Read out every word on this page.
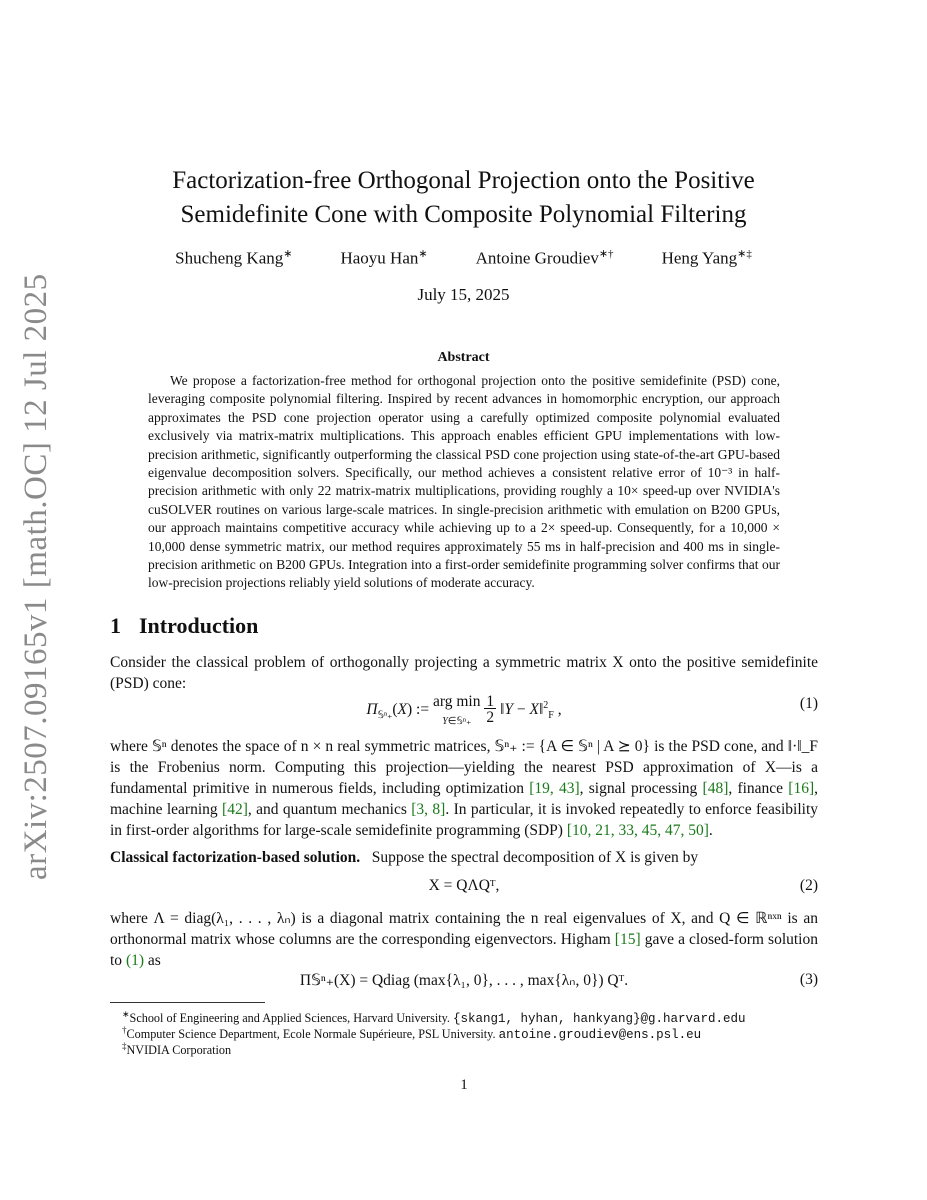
arXiv:2507.09165v1 [math.OC] 12 Jul 2025
Factorization-free Orthogonal Projection onto the Positive
Semidefinite Cone with Composite Polynomial Filtering
Shucheng Kang∗	Haoyu Han∗	Antoine Groudiev∗†	Heng Yang∗‡
July 15, 2025
Abstract
We propose a factorization-free method for orthogonal projection onto the positive semidefinite (PSD) cone, leveraging composite polynomial filtering. Inspired by recent advances in homomorphic encryption, our approach approximates the PSD cone projection operator using a carefully optimized composite polynomial evaluated exclusively via matrix-matrix multiplications. This approach enables efficient GPU implementations with low-precision arithmetic, significantly outperforming the classical PSD cone projection using state-of-the-art GPU-based eigenvalue decomposition solvers. Specifically, our method achieves a consistent relative error of 10⁻³ in half-precision arithmetic with only 22 matrix-matrix multiplications, providing roughly a 10× speed-up over NVIDIA's cuSOLVER routines on various large-scale matrices. In single-precision arithmetic with emulation on B200 GPUs, our approach maintains competitive accuracy while achieving up to a 2× speed-up. Consequently, for a 10,000 × 10,000 dense symmetric matrix, our method requires approximately 55 ms in half-precision and 400 ms in single-precision arithmetic on B200 GPUs. Integration into a first-order semidefinite programming solver confirms that our low-precision projections reliably yield solutions of moderate accuracy.
1 Introduction
Consider the classical problem of orthogonally projecting a symmetric matrix X onto the positive semidefinite (PSD) cone:
$\Pi_{𝕊^n_+}(X)$ := arg min
Y∈𝕊ⁿ₊ 1
2 ‖Y − X‖$^2_F$ ,	(1)
where 𝕊ⁿ denotes the space of n × n real symmetric matrices, 𝕊ⁿ₊ := {A ∈ 𝕊ⁿ | A ⪰ 0} is the PSD cone, and ‖·‖_F is the Frobenius norm. Computing this projection—yielding the nearest PSD approximation of X—is a fundamental primitive in numerous fields, including optimization [19, 43], signal processing [48], finance [16], machine learning [42], and quantum mechanics [3, 8]. In particular, it is invoked repeatedly to enforce feasibility in first-order algorithms for large-scale semidefinite programming (SDP) [10, 21, 33, 45, 47, 50].
Classical factorization-based solution. Suppose the spectral decomposition of X is given by
X = QΛQᵀ,	(2)
where Λ = diag(λ₁, . . . , λₙ) is a diagonal matrix containing the n real eigenvalues of X, and Q ∈ ℝⁿˣⁿ is an orthonormal matrix whose columns are the corresponding eigenvectors. Higham [15] gave a closed-form solution to (1) as
Π𝕊ⁿ₊(X) = Qdiag (max{λ₁, 0}, . . . , max{λₙ, 0}) Qᵀ.	(3)
∗School of Engineering and Applied Sciences, Harvard University. {skang1, hyhan, hankyang}@g.harvard.edu
†Computer Science Department, Ecole Normale Supérieure, PSL University. antoine.groudiev@ens.psl.eu
‡NVIDIA Corporation
1
